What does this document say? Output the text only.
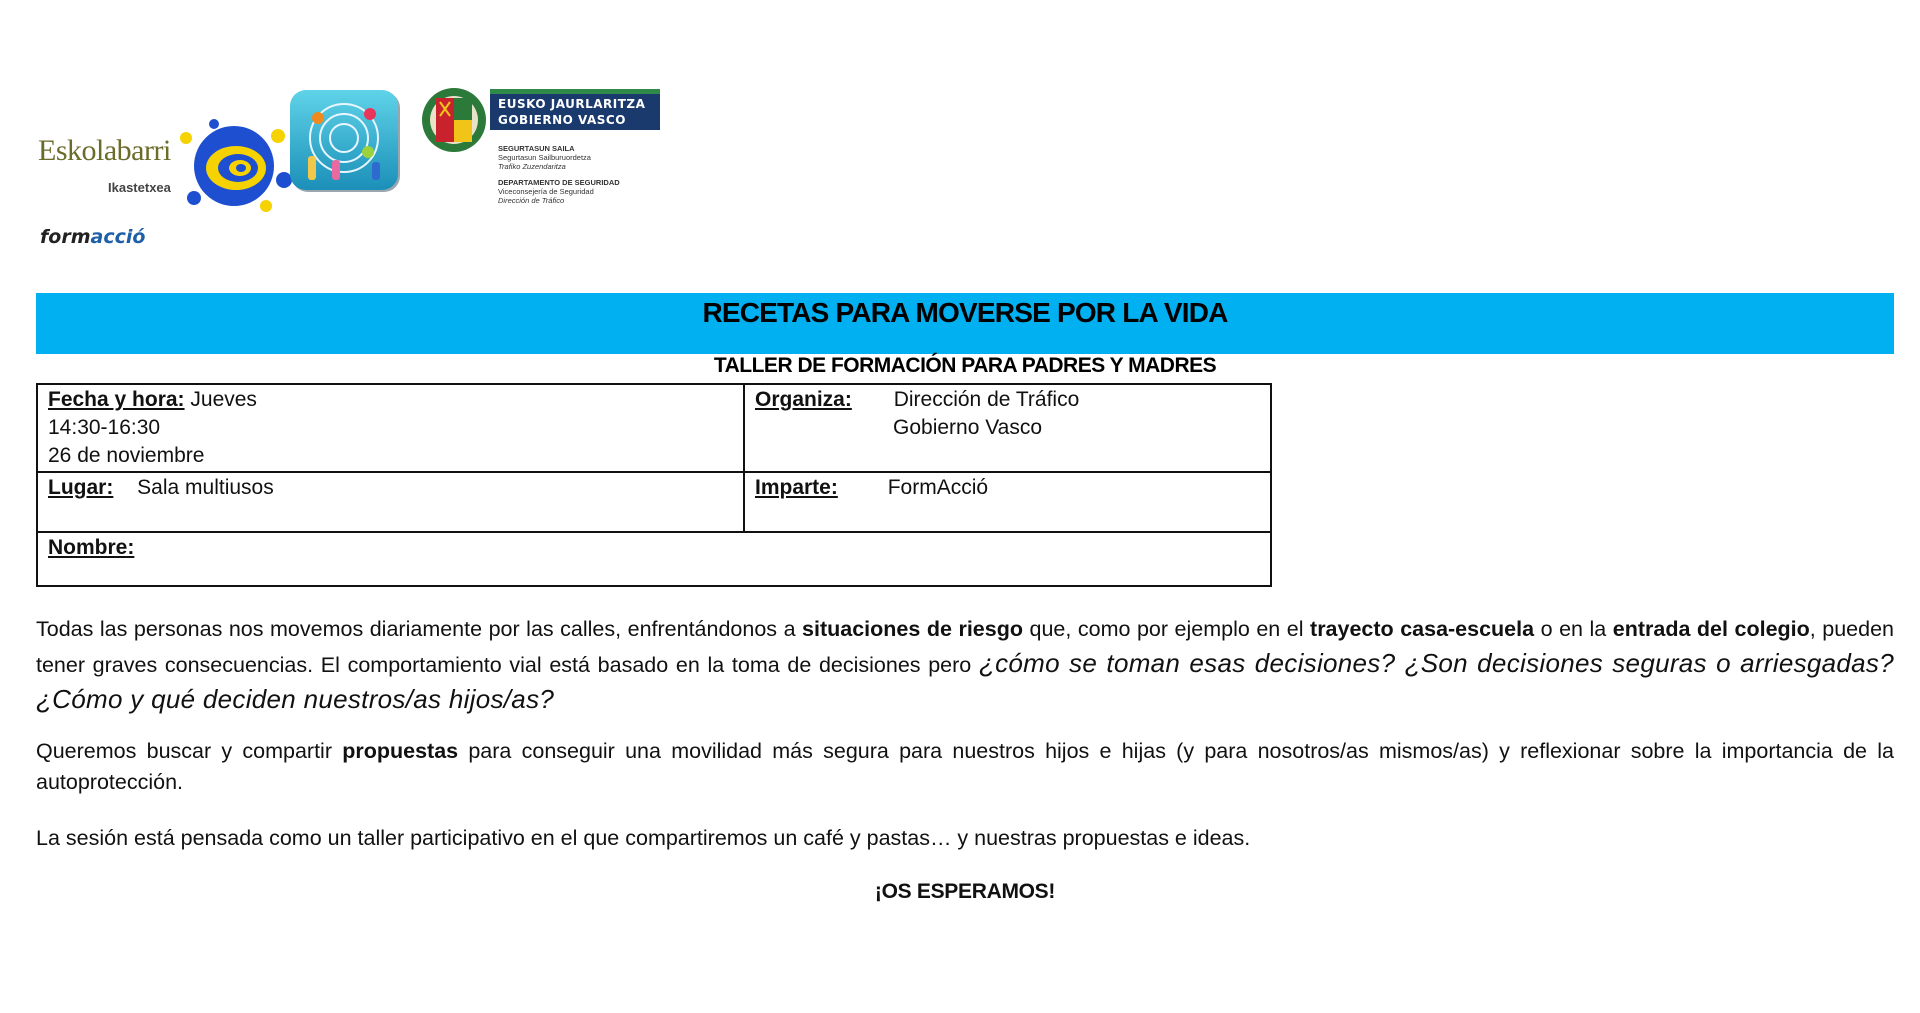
Eskolabarri
Ikastetxea
EUSKO JAURLARITZA
GOBIERNO VASCO
SEGURTASUN SAILA
Segurtasun Sailburuordetza
Trafiko Zuzendaritza
DEPARTAMENTO DE SEGURIDAD
Viceconsejería de Seguridad
Dirección de Tráfico
formacció
RECETAS PARA MOVERSE POR LA VIDA
TALLER DE FORMACIÓN PARA PADRES Y MADRES
Fecha y hora: Jueves
14:30-16:30
26 de noviembre	Organiza: Dirección de Tráfico
Gobierno Vasco
Lugar: Sala multiusos	Imparte: FormAcció
Nombre:	
Todas las personas nos movemos diariamente por las calles, enfrentándonos a situaciones de riesgo que, como por ejemplo en el trayecto casa-escuela o en la entrada del colegio, pueden tener graves consecuencias. El comportamiento vial está basado en la toma de decisiones pero ¿cómo se toman esas decisiones? ¿Son decisiones seguras o arriesgadas? ¿Cómo y qué deciden nuestros/as hijos/as?
Queremos buscar y compartir propuestas para conseguir una movilidad más segura para nuestros hijos e hijas (y para nosotros/as mismos/as) y reflexionar sobre la importancia de la autoprotección.
La sesión está pensada como un taller participativo en el que compartiremos un café y pastas… y nuestras propuestas e ideas.
¡OS ESPERAMOS!
